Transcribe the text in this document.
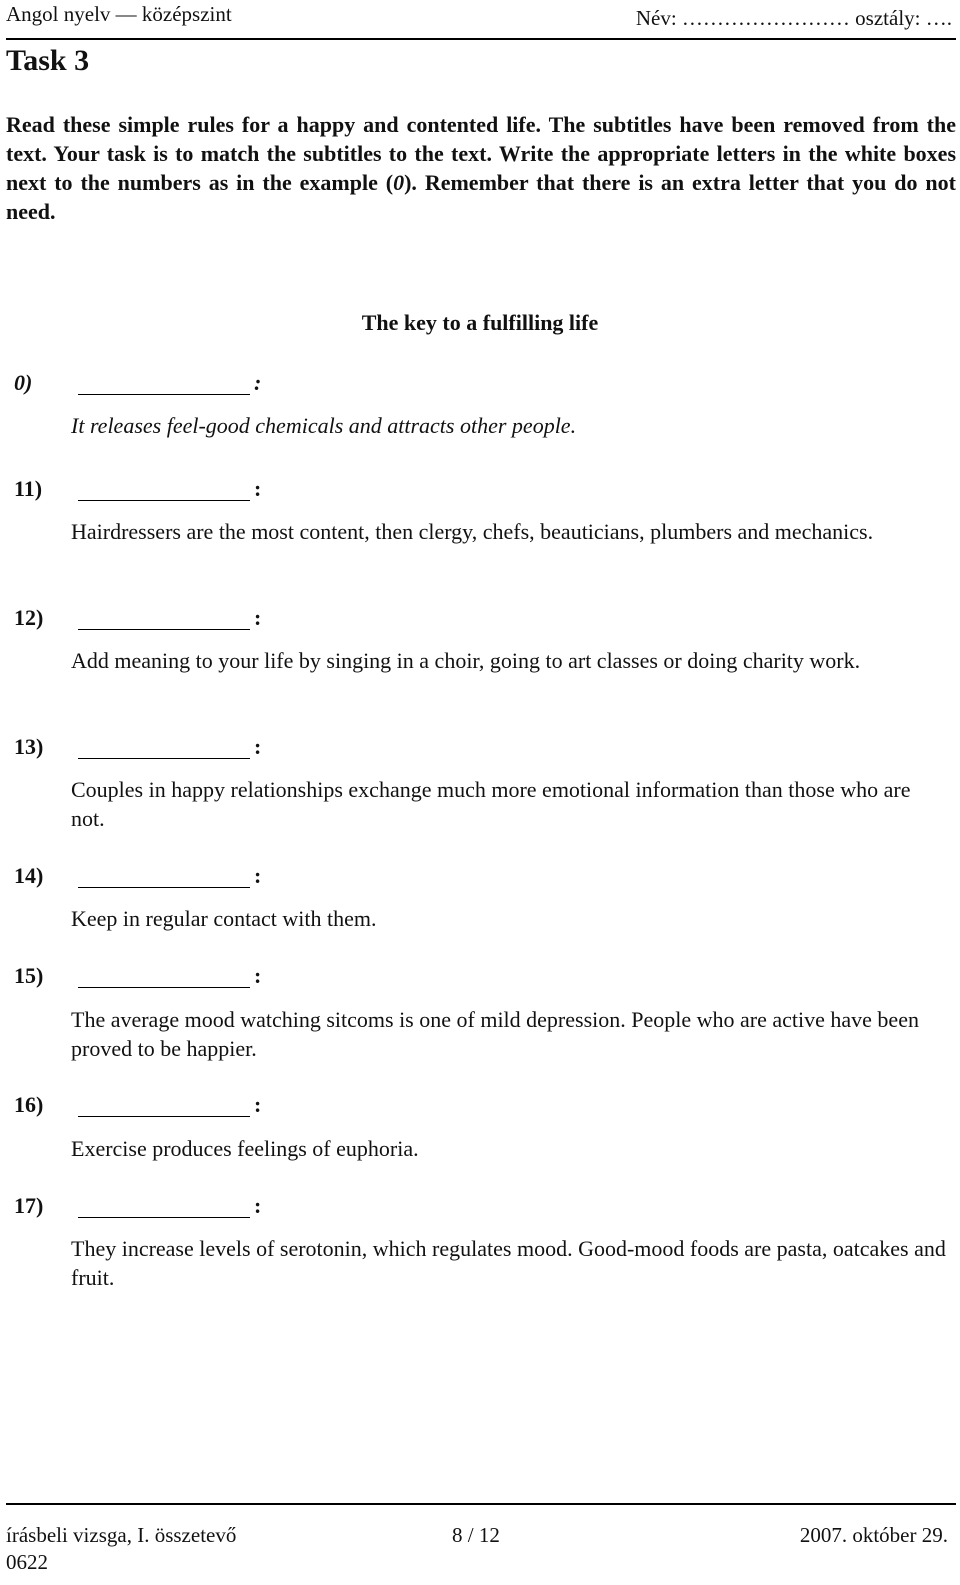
Angol nyelv — középszint	Név: …………………… osztály: ….
Task 3
Read these simple rules for a happy and contented life. The subtitles have been removed from the text. Your task is to match the subtitles to the text. Write the appropriate letters in the white boxes next to the numbers as in the example (0). Remember that there is an extra letter that you do not need.
The key to a fulfilling life
0)	:
It releases feel-good chemicals and attracts other people.
11)	:
Hairdressers are the most content, then clergy, chefs, beauticians, plumbers and mechanics.
12)	:
Add meaning to your life by singing in a choir, going to art classes or doing charity work.
13)	:
Couples in happy relationships exchange much more emotional information than those who are not.
14)	:
Keep in regular contact with them.
15)	:
The average mood watching sitcoms is one of mild depression. People who are active have been proved to be happier.
16)	:
Exercise produces feelings of euphoria.
17)	:
They increase levels of serotonin, which regulates mood. Good-mood foods are pasta, oatcakes and fruit.
írásbeli vizsga, I. összetevő	8 / 12	2007. október 29.
0622
